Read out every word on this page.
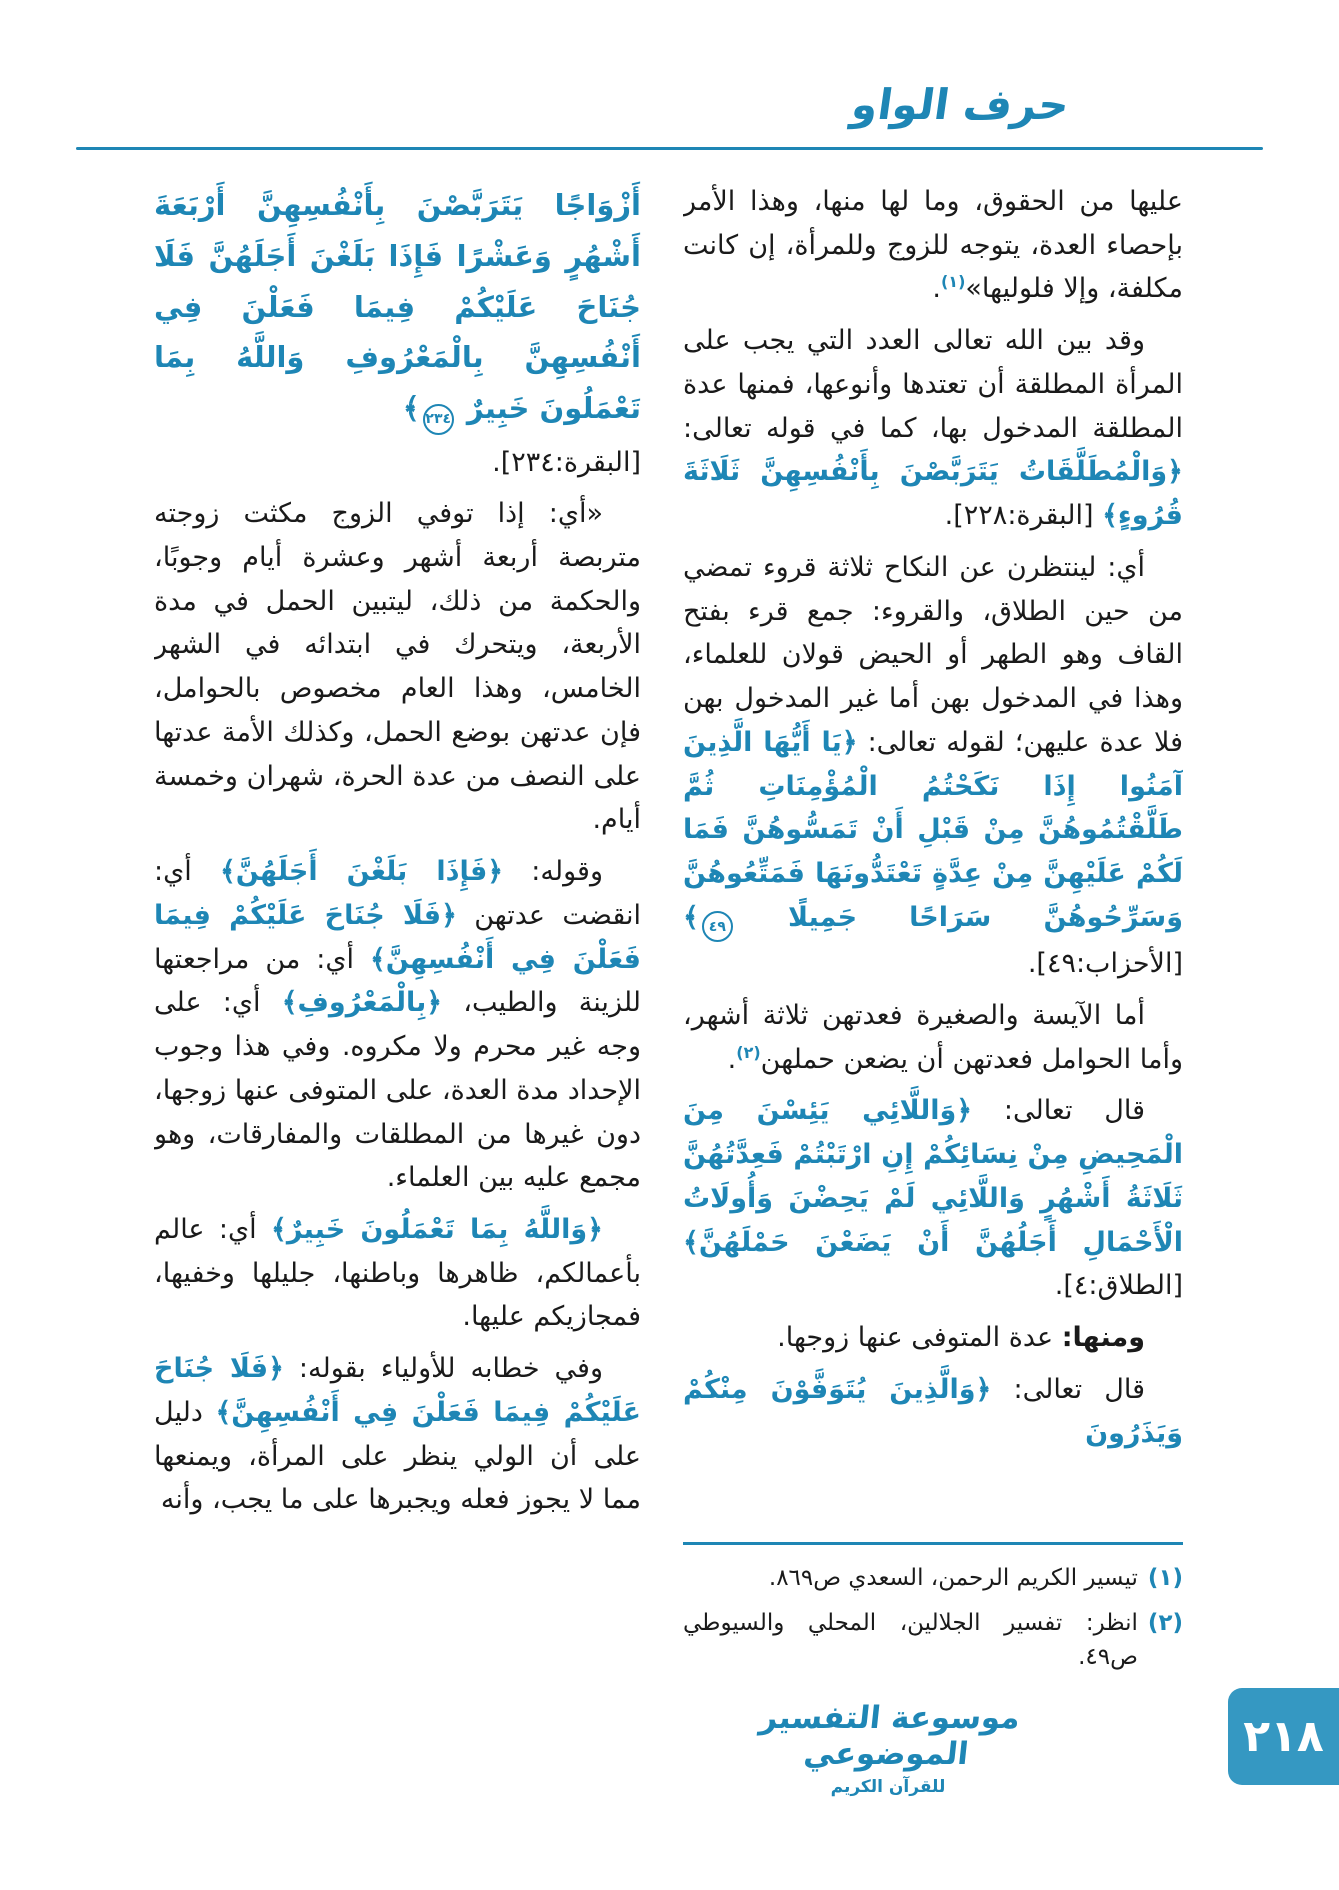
حرف الواو

عليها من الحقوق، وما لها منها، وهذا الأمر بإحصاء العدة، يتوجه للزوج وللمرأة، إن كانت مكلفة، وإلا فلوليها»$^{(١)}$.

وقد بين الله تعالى العدد التي يجب على المرأة المطلقة أن تعتدها وأنوعها، فمنها عدة المطلقة المدخول بها، كما في قوله تعالى: ﴿وَالْمُطَلَّقَاتُ يَتَرَبَّصْنَ بِأَنْفُسِهِنَّ ثَلَاثَةَ قُرُوءٍ﴾ [البقرة:٢٢٨].

أي: لينتظرن عن النكاح ثلاثة قروء تمضي من حين الطلاق، والقروء: جمع قرء بفتح القاف وهو الطهر أو الحيض قولان للعلماء، وهذا في المدخول بهن أما غير المدخول بهن فلا عدة عليهن؛ لقوله تعالى: ﴿يَا أَيُّهَا الَّذِينَ آمَنُوا إِذَا نَكَحْتُمُ الْمُؤْمِنَاتِ ثُمَّ طَلَّقْتُمُوهُنَّ مِنْ قَبْلِ أَنْ تَمَسُّوهُنَّ فَمَا لَكُمْ عَلَيْهِنَّ مِنْ عِدَّةٍ تَعْتَدُّونَهَا فَمَتِّعُوهُنَّ وَسَرِّحُوهُنَّ سَرَاحًا جَمِيلًا ٤٩﴾ [الأحزاب:٤٩].

أما الآيسة والصغيرة فعدتهن ثلاثة أشهر، وأما الحوامل فعدتهن أن يضعن حملهن$^{(٢)}$.

قال تعالى: ﴿وَاللَّائِي يَئِسْنَ مِنَ الْمَحِيضِ مِنْ نِسَائِكُمْ إِنِ ارْتَبْتُمْ فَعِدَّتُهُنَّ ثَلَاثَةُ أَشْهُرٍ وَاللَّائِي لَمْ يَحِضْنَ وَأُولَاتُ الْأَحْمَالِ أَجَلُهُنَّ أَنْ يَضَعْنَ حَمْلَهُنَّ﴾ [الطلاق:٤].

ومنها: عدة المتوفى عنها زوجها.

قال تعالى: ﴿وَالَّذِينَ يُتَوَفَّوْنَ مِنْكُمْ وَيَذَرُونَ

أَزْوَاجًا يَتَرَبَّصْنَ بِأَنْفُسِهِنَّ أَرْبَعَةَ أَشْهُرٍ وَعَشْرًا فَإِذَا بَلَغْنَ أَجَلَهُنَّ فَلَا جُنَاحَ عَلَيْكُمْ فِيمَا فَعَلْنَ فِي أَنْفُسِهِنَّ بِالْمَعْرُوفِ وَاللَّهُ بِمَا تَعْمَلُونَ خَبِيرٌ ٢٣٤﴾

[البقرة:٢٣٤].

«أي: إذا توفي الزوج مكثت زوجته متربصة أربعة أشهر وعشرة أيام وجوبًا، والحكمة من ذلك، ليتبين الحمل في مدة الأربعة، ويتحرك في ابتدائه في الشهر الخامس، وهذا العام مخصوص بالحوامل، فإن عدتهن بوضع الحمل، وكذلك الأمة عدتها على النصف من عدة الحرة، شهران وخمسة أيام.

وقوله: ﴿فَإِذَا بَلَغْنَ أَجَلَهُنَّ﴾ أي: انقضت عدتهن ﴿فَلَا جُنَاحَ عَلَيْكُمْ فِيمَا فَعَلْنَ فِي أَنْفُسِهِنَّ﴾ أي: من مراجعتها للزينة والطيب، ﴿بِالْمَعْرُوفِ﴾ أي: على وجه غير محرم ولا مكروه. وفي هذا وجوب الإحداد مدة العدة، على المتوفى عنها زوجها، دون غيرها من المطلقات والمفارقات، وهو مجمع عليه بين العلماء.

﴿وَاللَّهُ بِمَا تَعْمَلُونَ خَبِيرٌ﴾ أي: عالم بأعمالكم، ظاهرها وباطنها، جليلها وخفيها، فمجازيكم عليها.

وفي خطابه للأولياء بقوله: ﴿فَلَا جُنَاحَ عَلَيْكُمْ فِيمَا فَعَلْنَ فِي أَنْفُسِهِنَّ﴾ دليل على أن الولي ينظر على المرأة، ويمنعها مما لا يجوز فعله ويجبرها على ما يجب، وأنه

(١)
تيسير الكريم الرحمن، السعدي ص٨٦٩.
(٢)
انظر: تفسير الجلالين، المحلي والسيوطي ص٤٩.
موسوعة التفسير الموضوعي
للقرآن الكريم
٢١٨
